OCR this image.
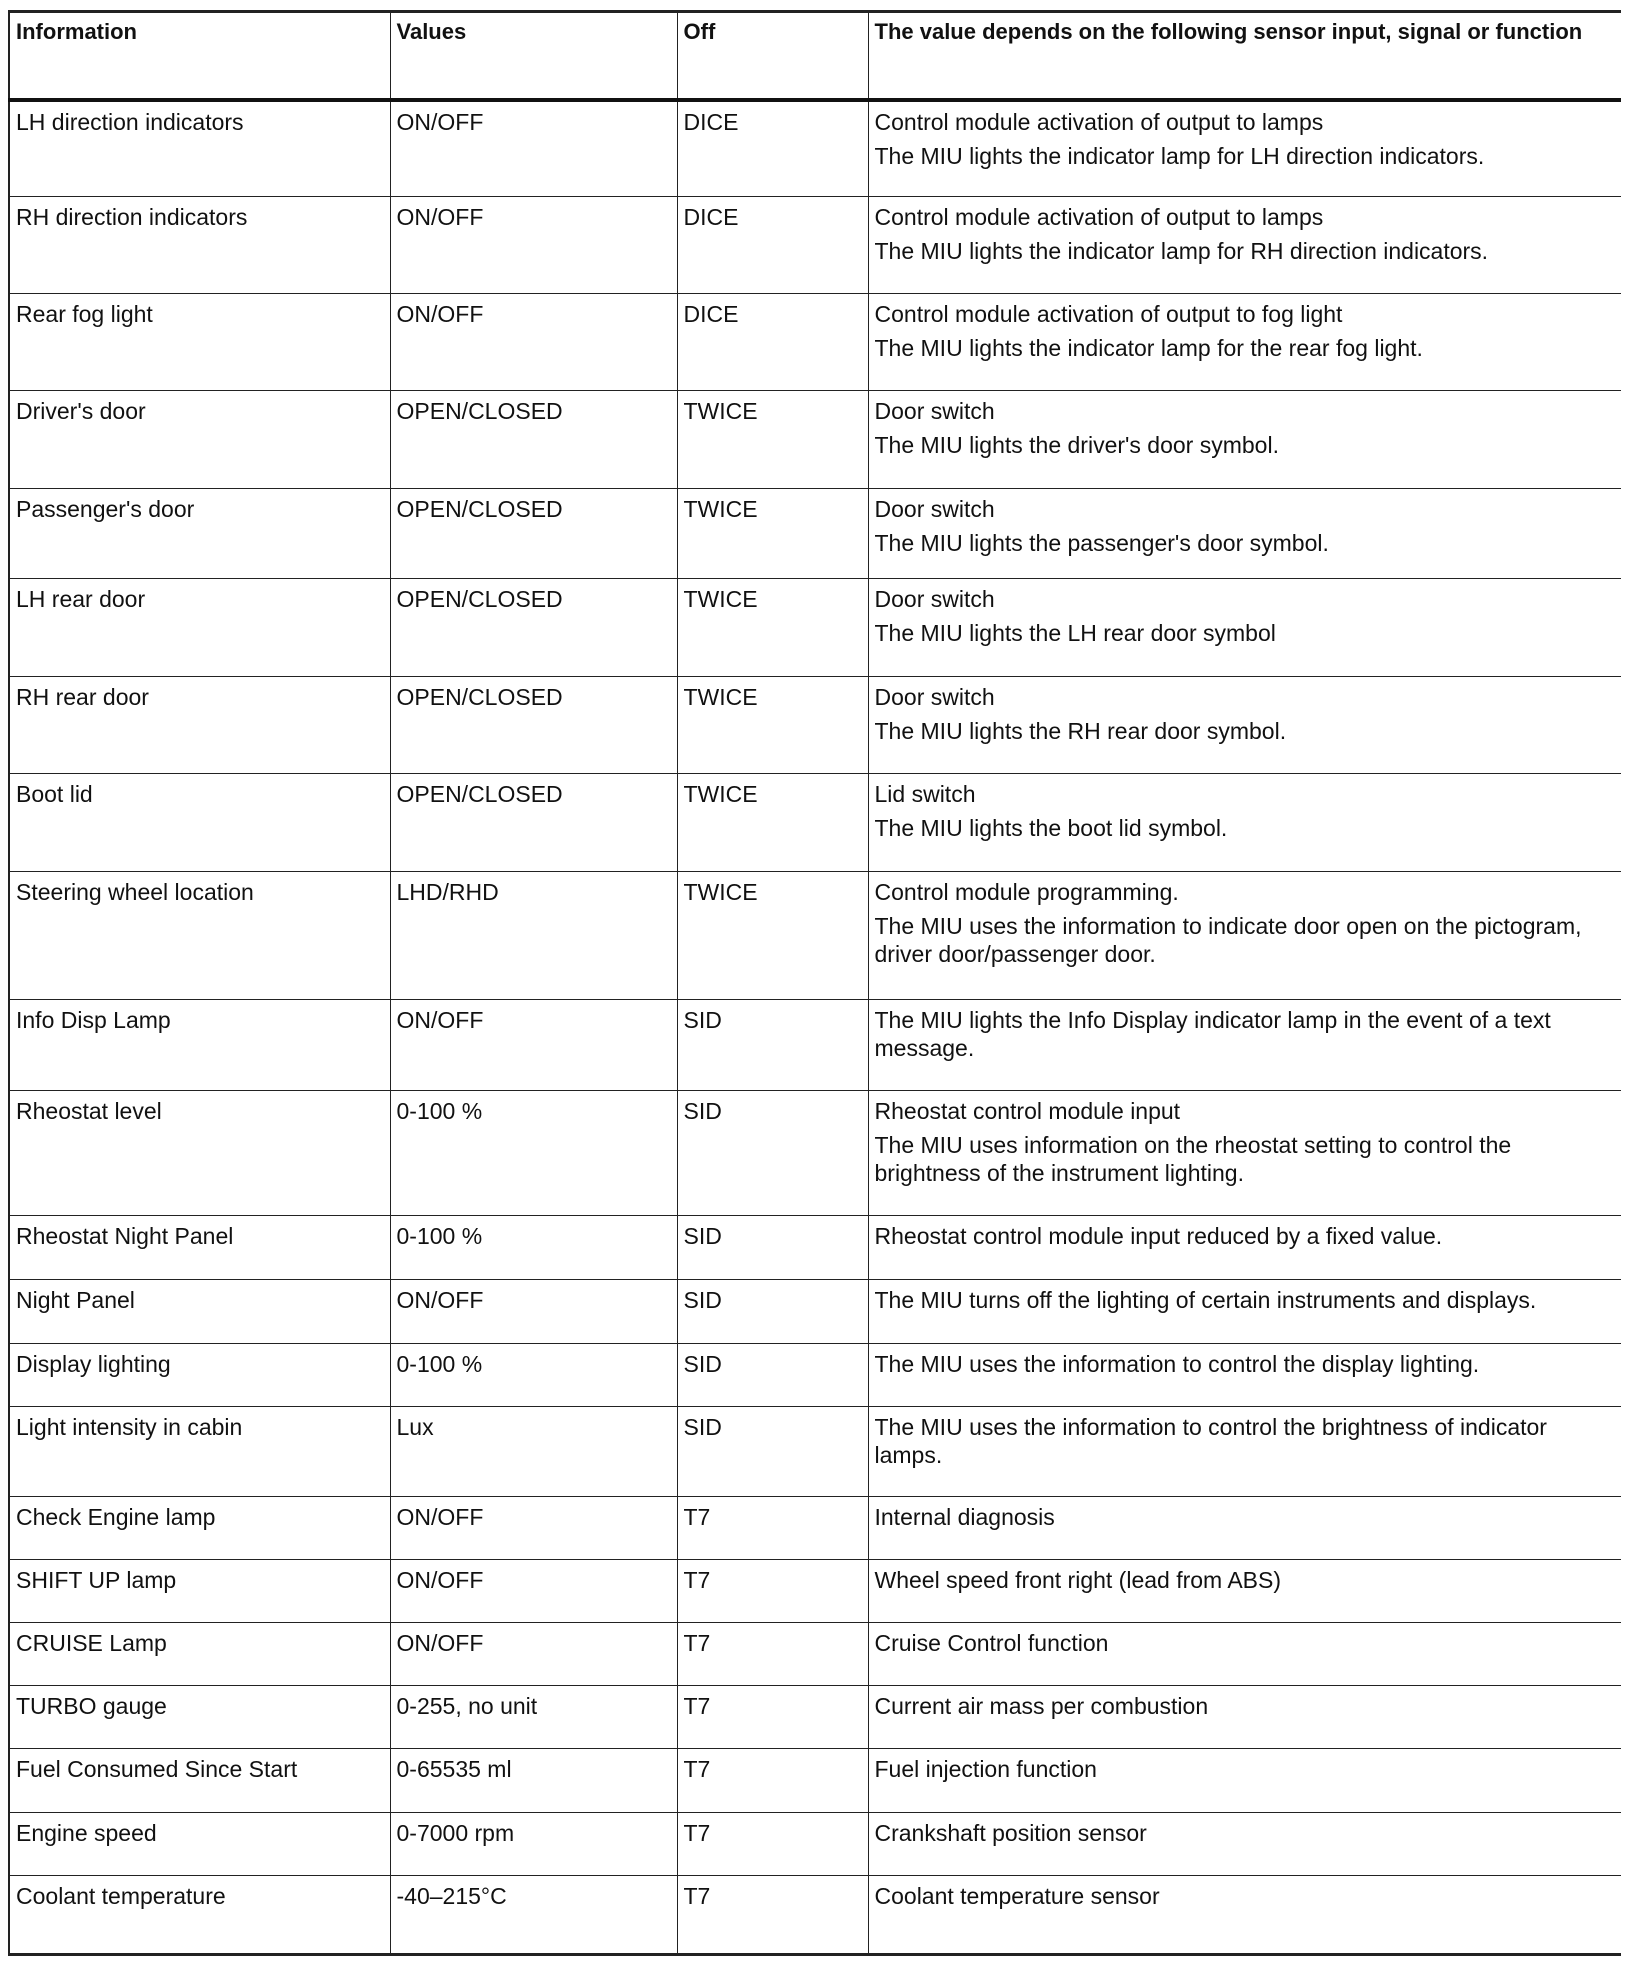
Information	Values	Off	The value depends on the following sensor input, signal or function
LH direction indicators	ON/OFF	DICE	Control module activation of output to lamps
The MIU lights the indicator lamp for LH direction indicators.

RH direction indicators	ON/OFF	DICE	Control module activation of output to lamps
The MIU lights the indicator lamp for RH direction indicators.

Rear fog light	ON/OFF	DICE	Control module activation of output to fog light
The MIU lights the indicator lamp for the rear fog light.

Driver's door	OPEN/CLOSED	TWICE	Door switch
The MIU lights the driver's door symbol.

Passenger's door	OPEN/CLOSED	TWICE	Door switch
The MIU lights the passenger's door symbol.

LH rear door	OPEN/CLOSED	TWICE	Door switch
The MIU lights the LH rear door symbol

RH rear door	OPEN/CLOSED	TWICE	Door switch
The MIU lights the RH rear door symbol.

Boot lid	OPEN/CLOSED	TWICE	Lid switch
The MIU lights the boot lid symbol.

Steering wheel location	LHD/RHD	TWICE	Control module programming.
The MIU uses the information to indicate door open on the pictogram, driver door/passenger door.

Info Disp Lamp	ON/OFF	SID	The MIU lights the Info Display indicator lamp in the event of a text message.

Rheostat level	0-100 %	SID	Rheostat control module input
The MIU uses information on the rheostat setting to control the brightness of the instrument lighting.

Rheostat Night Panel	0-100 %	SID	Rheostat control module input reduced by a fixed value.

Night Panel	ON/OFF	SID	The MIU turns off the lighting of certain instruments and displays.

Display lighting	0-100 %	SID	The MIU uses the information to control the display lighting.

Light intensity in cabin	Lux	SID	The MIU uses the information to control the brightness of indicator lamps.

Check Engine lamp	ON/OFF	T7	Internal diagnosis

SHIFT UP lamp	ON/OFF	T7	Wheel speed front right (lead from ABS)

CRUISE Lamp	ON/OFF	T7	Cruise Control function

TURBO gauge	0-255, no unit	T7	Current air mass per combustion

Fuel Consumed Since Start	0-65535 ml	T7	Fuel injection function

Engine speed	0-7000 rpm	T7	Crankshaft position sensor

Coolant temperature	-40–215°C	T7	Coolant temperature sensor
